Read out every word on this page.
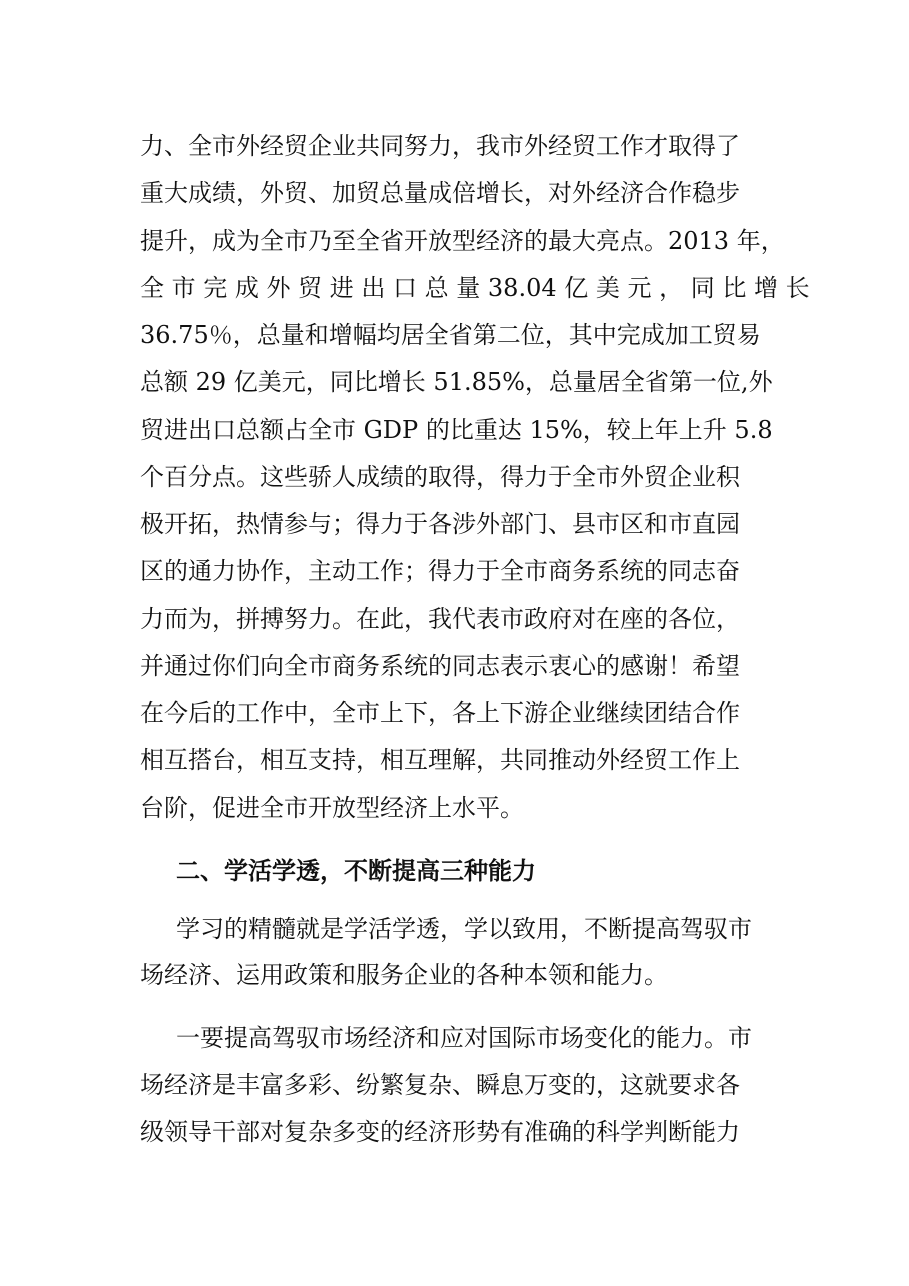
力、全市外经贸企业共同努力，我市外经贸工作才取得了
重大成绩，外贸、加贸总量成倍增长，对外经济合作稳步
提升，成为全市乃至全省开放型经济的最大亮点。2013 年，
全 市 完 成 外 贸 进 出 口 总 量 38.04 亿 美 元 ， 同 比 增 长
36.75％，总量和增幅均居全省第二位，其中完成加工贸易
总额 29 亿美元，同比增长 51.85%，总量居全省第一位,外
贸进出口总额占全市 GDP 的比重达 15%，较上年上升 5.8
个百分点。这些骄人成绩的取得，得力于全市外贸企业积
极开拓，热情参与；得力于各涉外部门、县市区和市直园
区的通力协作，主动工作；得力于全市商务系统的同志奋
力而为，拼搏努力。在此，我代表市政府对在座的各位，
并通过你们向全市商务系统的同志表示衷心的感谢！希望
在今后的工作中，全市上下，各上下游企业继续团结合作
相互搭台，相互支持，相互理解，共同推动外经贸工作上
台阶，促进全市开放型经济上水平。
二、学活学透，不断提高三种能力
学习的精髓就是学活学透，学以致用，不断提高驾驭市
场经济、运用政策和服务企业的各种本领和能力。
一要提高驾驭市场经济和应对国际市场变化的能力。市
场经济是丰富多彩、纷繁复杂、瞬息万变的，这就要求各
级领导干部对复杂多变的经济形势有准确的科学判断能力
